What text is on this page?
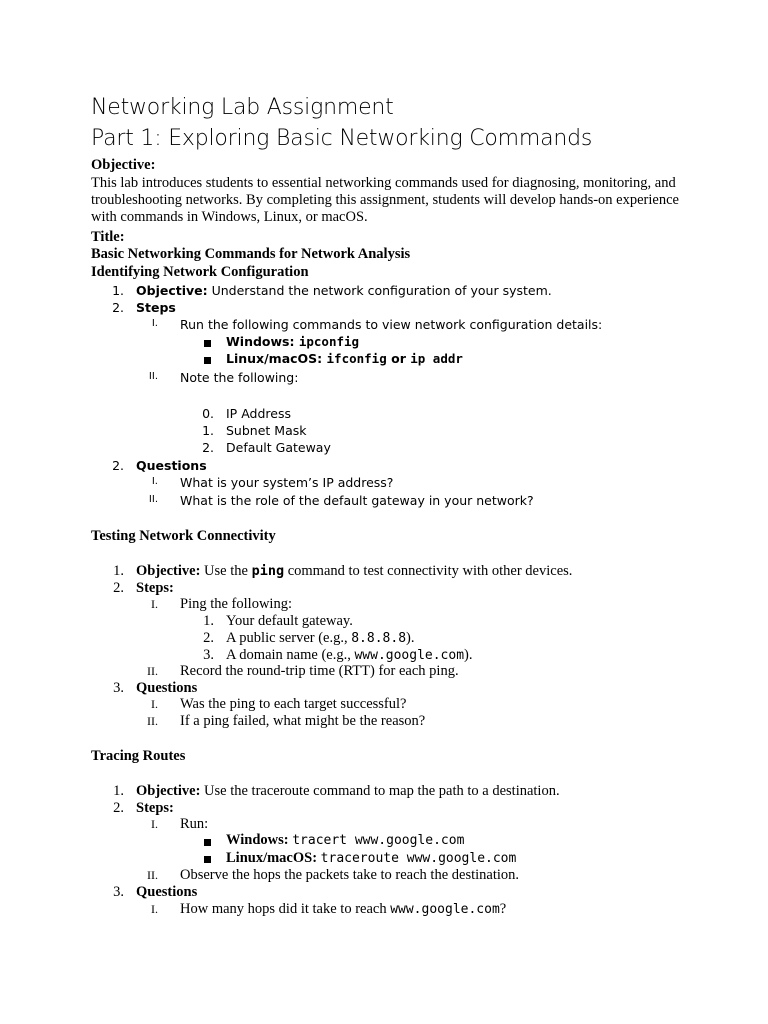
Networking Lab Assignment
Part 1: Exploring Basic Networking Commands
Objective:
This lab introduces students to essential networking commands used for diagnosing, monitoring, and troubleshooting networks. By completing this assignment, students will develop hands-on experience with commands in Windows, Linux, or macOS.
Title:
Basic Networking Commands for Network Analysis
Identifying Network Configuration
1. Objective: Understand the network configuration of your system.
2. Steps
I. Run the following commands to view network configuration details:
Windows: ipconfig
Linux/macOS: ifconfig or ip addr
II. Note the following:
0. IP Address
1. Subnet Mask
2. Default Gateway
2. Questions
I. What is your system’s IP address?
II. What is the role of the default gateway in your network?
Testing Network Connectivity
1. Objective: Use the ping command to test connectivity with other devices.
2. Steps:
I. Ping the following:
1. Your default gateway.
2. A public server (e.g., 8.8.8.8).
3. A domain name (e.g., www.google.com).
II. Record the round-trip time (RTT) for each ping.
3. Questions
I. Was the ping to each target successful?
II. If a ping failed, what might be the reason?
Tracing Routes
1. Objective: Use the traceroute command to map the path to a destination.
2. Steps:
I. Run:
Windows: tracert www.google.com
Linux/macOS: traceroute www.google.com
II. Observe the hops the packets take to reach the destination.
3. Questions
I. How many hops did it take to reach www.google.com?
